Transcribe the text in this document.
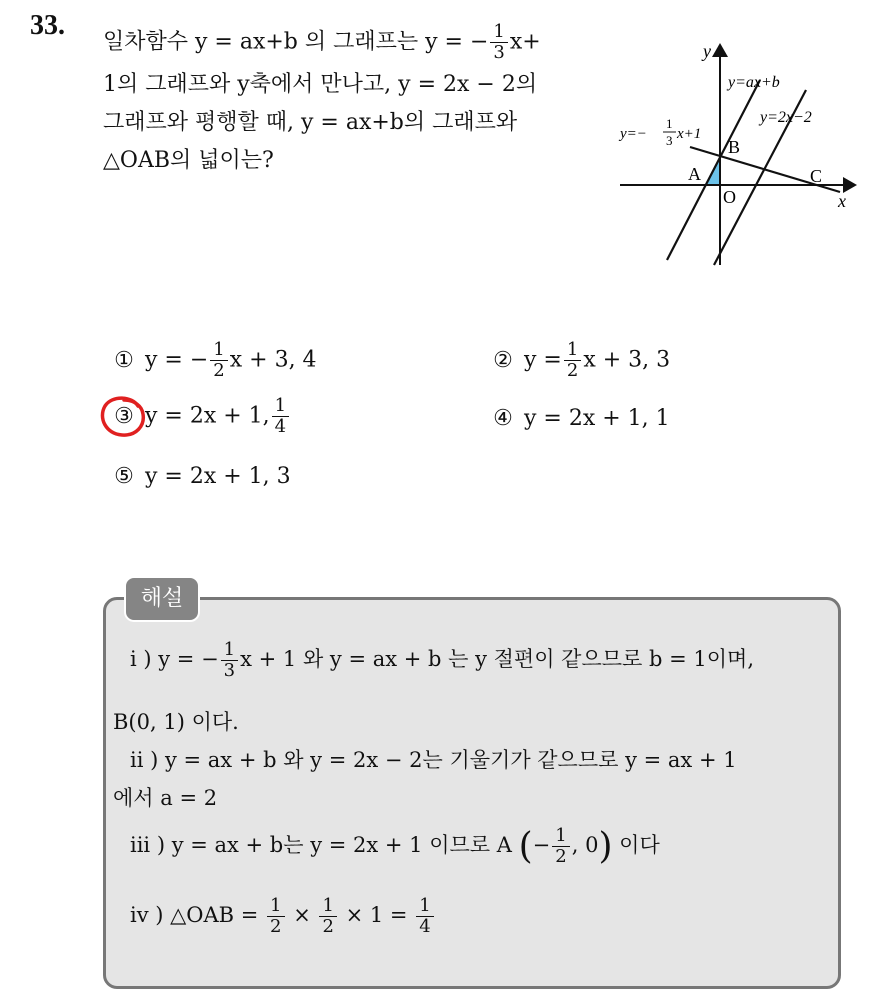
33.
일차함수 y = ax+b 의 그래프는 y = − $\frac{1}{3} x+$
1의 그래프와 y축에서 만나고, y = 2x − 2의
그래프와 평행할 때, y = ax+b의 그래프와
△OAB의 넓이는?
y
x
y=ax+b
y=2x−2
y=−
1
3 x+1
B
A
O
C
① y = − $\frac{1}{2}$ x + 3, 4	② $y = \frac{1}{2}$ x + 3, 3
③ y = 2x + 1, $\frac{1}{4}$	④ y = 2x + 1, 1
⑤ y = 2x + 1, 3
해설
i ) y = − $\frac{1}{3}$ x + 1 와 y = ax + b 는 y 절편이 같으므로 b = 1이며,
B(0, 1) 이다.
ii ) y = ax + b 와 y = 2x − 2는 기울기가 같으므로 y = ax + 1
에서 a = 2
iii ) y = ax + b는 y = 2x + 1 이므로 A (− $\frac{1}{2}$ , 0) 이다
iv ) △OAB = $\frac{1}{2} \times \frac{1}{2} \times 1 = \frac{1}{4}$
